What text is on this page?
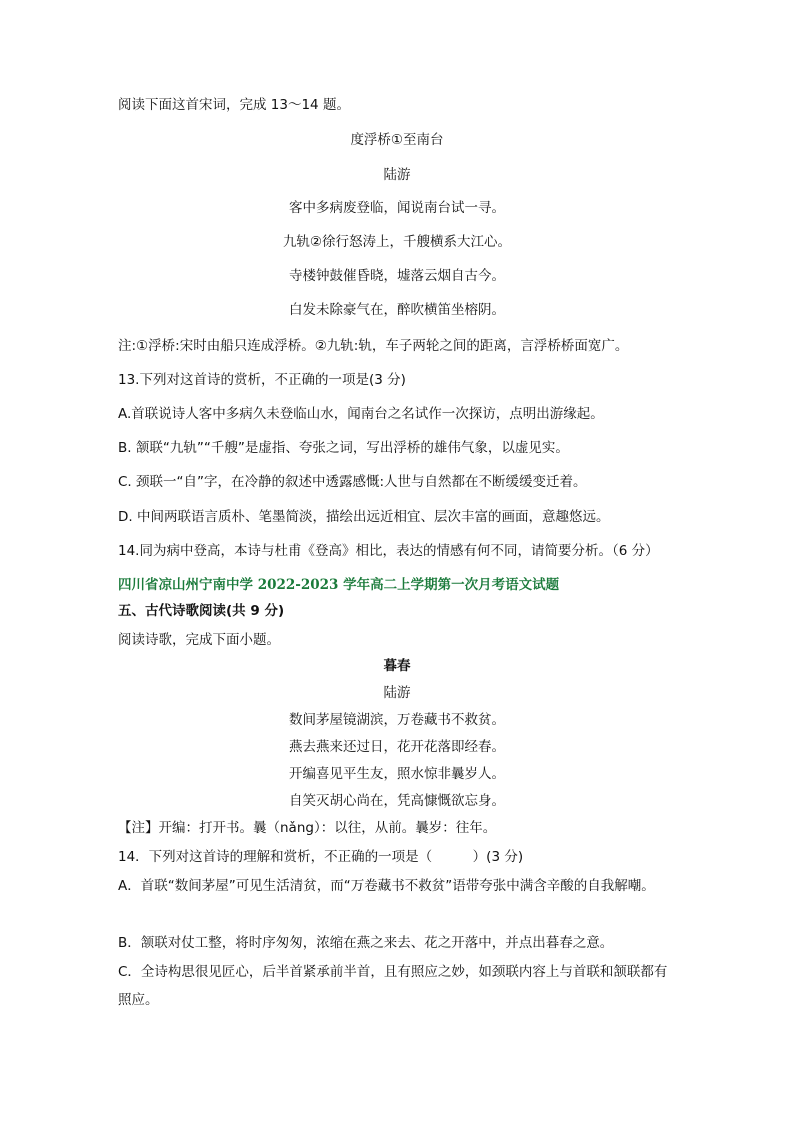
阅读下面这首宋词，完成 13～14 题。
度浮桥①至南台
陆游
客中多病废登临，闻说南台试一寻。
九轨②徐行怒涛上，千艘横系大江心。
寺楼钟鼓催昏晓，墟落云烟自古今。
白发未除豪气在，醉吹横笛坐榕阴。
注:①浮桥:宋时由船只连成浮桥。②九轨:轨，车子两轮之间的距离，言浮桥桥面宽广。
13.下列对这首诗的赏析，不正确的一项是(3 分)
A.首联说诗人客中多病久未登临山水，闻南台之名试作一次探访，点明出游缘起。
B. 颔联“九轨”“千艘”是虚指、夸张之词，写出浮桥的雄伟气象，以虚见实。
C. 颈联一“自”字，在冷静的叙述中透露感慨:人世与自然都在不断缓缓变迁着。
D. 中间两联语言质朴、笔墨简淡，描绘出远近相宜、层次丰富的画面，意趣悠远。
14.同为病中登高，本诗与杜甫《登高》相比，表达的情感有何不同，请简要分析。（6 分）
四川省凉山州宁南中学 2022-2023 学年高二上学期第一次月考语文试题
五、古代诗歌阅读(共 9 分)
阅读诗歌，完成下面小题。
暮春
陆游
数间茅屋镜湖滨，万卷藏书不救贫。
燕去燕来还过日，花开花落即经春。
开编喜见平生友，照水惊非曩岁人。
自笑灭胡心尚在，凭高慷慨欲忘身。
【注】开编：打开书。曩（nǎng）：以往，从前。曩岁：往年。
14．下列对这首诗的理解和赏析，不正确的一项是（　　　）(3 分)
A．首联“数间茅屋”可见生活清贫，而“万卷藏书不救贫”语带夸张中满含辛酸的自我解嘲。
B．颔联对仗工整，将时序匆匆，浓缩在燕之来去、花之开落中，并点出暮春之意。
C．全诗构思很见匠心，后半首紧承前半首，且有照应之妙，如颈联内容上与首联和颔联都有照应。
